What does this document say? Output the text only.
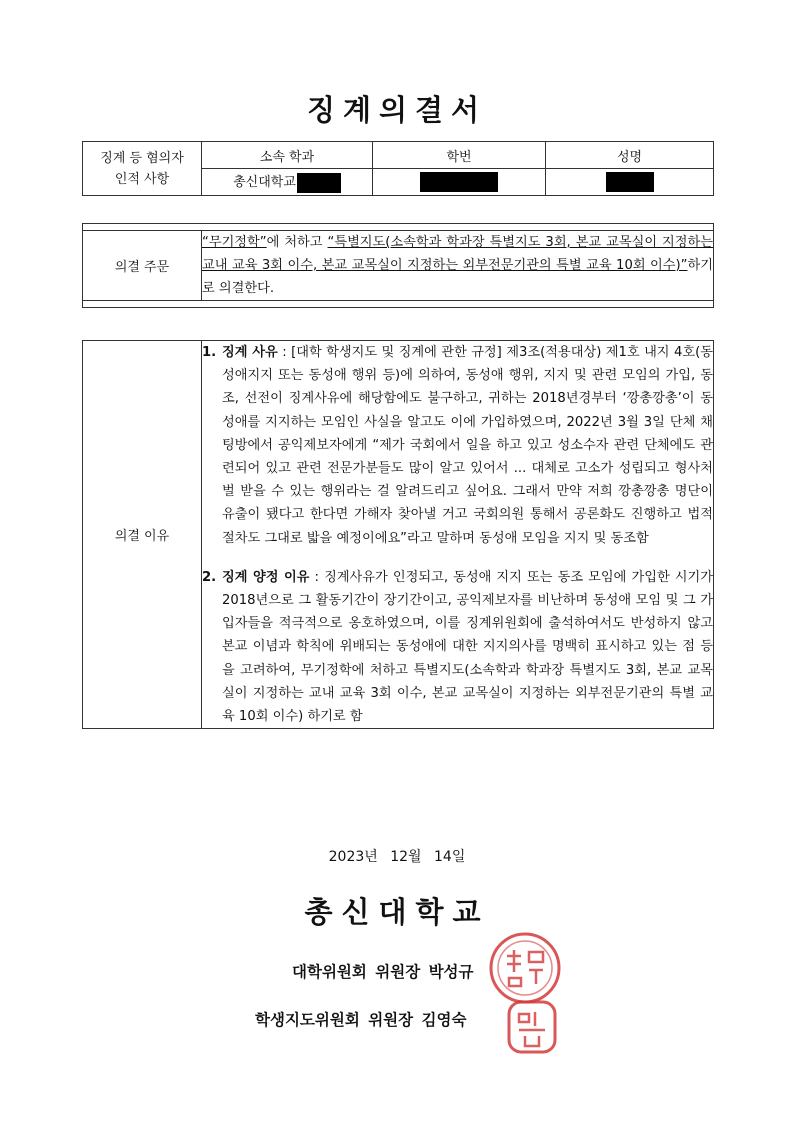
징계의결서
징계 등 혐의자 인적 사항	소속 학과	학번	성명
	총신대학교		

의결 주문	“무기정학”에 처하고 “특별지도(소속학과 학과장 특별지도 3회, 본교 교목실이 지정하는 교내 교육 3회 이수, 본교 교목실이 지정하는 외부전문기관의 특별 교육 10회 이수)”하기로 의결한다.

의결 이유	
1. 징계 사유 : [대학 학생지도 및 징계에 관한 규정] 제3조(적용대상) 제1호 내지 4호(동성애지지 또는 동성애 행위 등)에 의하여, 동성애 행위, 지지 및 관련 모임의 가입, 동조, 선전이 징계사유에 해당함에도 불구하고, 귀하는 2018년경부터 ‘깡총깡총’이 동성애를 지지하는 모임인 사실을 알고도 이에 가입하였으며, 2022년 3월 3일 단체 채팅방에서 공익제보자에게 “제가 국회에서 일을 하고 있고 성소수자 관련 단체에도 관련되어 있고 관련 전문가분들도 많이 알고 있어서 ... 대체로 고소가 성립되고 형사처벌 받을 수 있는 행위라는 걸 알려드리고 싶어요. 그래서 만약 저희 깡총깡총 명단이 유출이 됐다고 한다면 가해자 찾아낼 거고 국회의원 통해서 공론화도 진행하고 법적 절차도 그대로 밟을 예정이에요”라고 말하며 동성애 모임을 지지 및 동조함
2. 징계 양정 이유 : 징계사유가 인정되고, 동성애 지지 또는 동조 모임에 가입한 시기가 2018년으로 그 활동기간이 장기간이고, 공익제보자를 비난하며 동성애 모임 및 그 가입자들을 적극적으로 옹호하였으며, 이를 징계위원회에 출석하여서도 반성하지 않고 본교 이념과 학칙에 위배되는 동성애에 대한 지지의사를 명백히 표시하고 있는 점 등을 고려하여, 무기정학에 처하고 특별지도(소속학과 학과장 특별지도 3회, 본교 교목실이 지정하는 교내 교육 3회 이수, 본교 교목실이 지정하는 외부전문기관의 특별 교육 10회 이수) 하기로 함
2023년 12월 14일
총신대학교
대학위원회 위원장 박성규
학생지도위원회 위원장 김영숙
